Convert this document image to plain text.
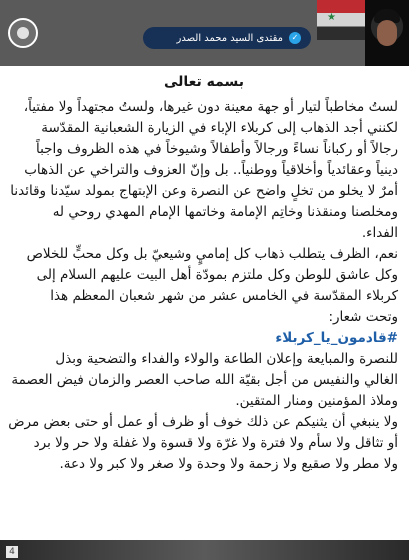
مقتدى السيد محمد الصدر	✓
★
بسمه تعالى

لستُ مخاطباً لتيار أو جهة معينة دون غيرها، ولستُ مجتهداً ولا مفتياً،
لكنني أجد الذهاب إلى كربلاء الإباء في الزيارة الشعبانية المقدّسة
رجالاً أو ركباناً نساءً ورجالاً وأطفالاً وشيوخاً في هذه الظروف واجباً
دينياً وعقائدياً وأخلاقياً ووطنياً.. بل وإنّ العزوف والتراخي عن الذهاب
أمرٌ لا يخلو من تخلٍ واضح عن النصرة وعن الإبتهاج بمولد سيّدنا وقائدنا
ومخلصنا ومنقذنا وخاتِم الإمامة وخاتمها الإمام المهدي روحي له
الفداء.

نعم، الظرف يتطلب ذهاب كل إماميٍ وشيعيّ بل وكل محبٍّ للخلاص
وكل عاشق للوطن وكل ملتزم بمودّة أهل البيت عليهم السلام إلى
كربلاء المقدّسة في الخامس عشر من شهر شعبان المعظم هذا
وتحت شعار:

#قادمون_يا_كربلاء

للنصرة والمبايعة وإعلان الطاعة والولاء والفداء والتضحية وبذل
الغالي والنفيس من أجل بقيّة الله صاحب العصر والزمان فيض العصمة
وملاذ المؤمنين ومنار المتقين.

ولا ينبغي أن يثنيكم عن ذلك خوف أو ظرف أو عمل أو حتى بعض مرض
أو تثاقل ولا سأم ولا فترة ولا غرّة ولا قسوة ولا غفلة ولا حر ولا برد
ولا مطر ولا صقيع ولا زحمة ولا وحدة ولا صغر ولا كبر ولا دعة.

4
